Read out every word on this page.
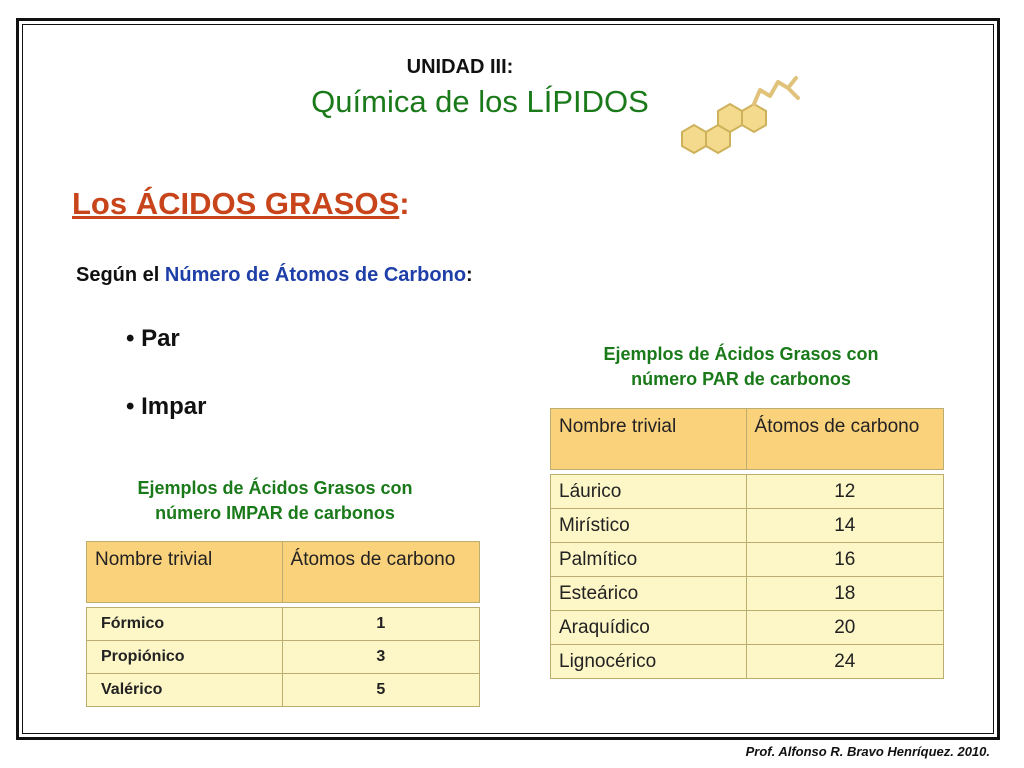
UNIDAD III:
Química de los LÍPIDOS
Los ÁCIDOS GRASOS:
Según el Número de Átomos de Carbono:
• Par
• Impar
Ejemplos de Ácidos Grasos con
número PAR de carbonos
Nombre trivial	Átomos de carbono

Láurico	12
Mirístico	14
Palmítico	16
Esteárico	18
Araquídico	20
Lignocérico	24
Ejemplos de Ácidos Grasos con
número IMPAR de carbonos
Nombre trivial	Átomos de carbono

Fórmico	1
Propiónico	3
Valérico	5
Prof. Alfonso R. Bravo Henríquez. 2010.
